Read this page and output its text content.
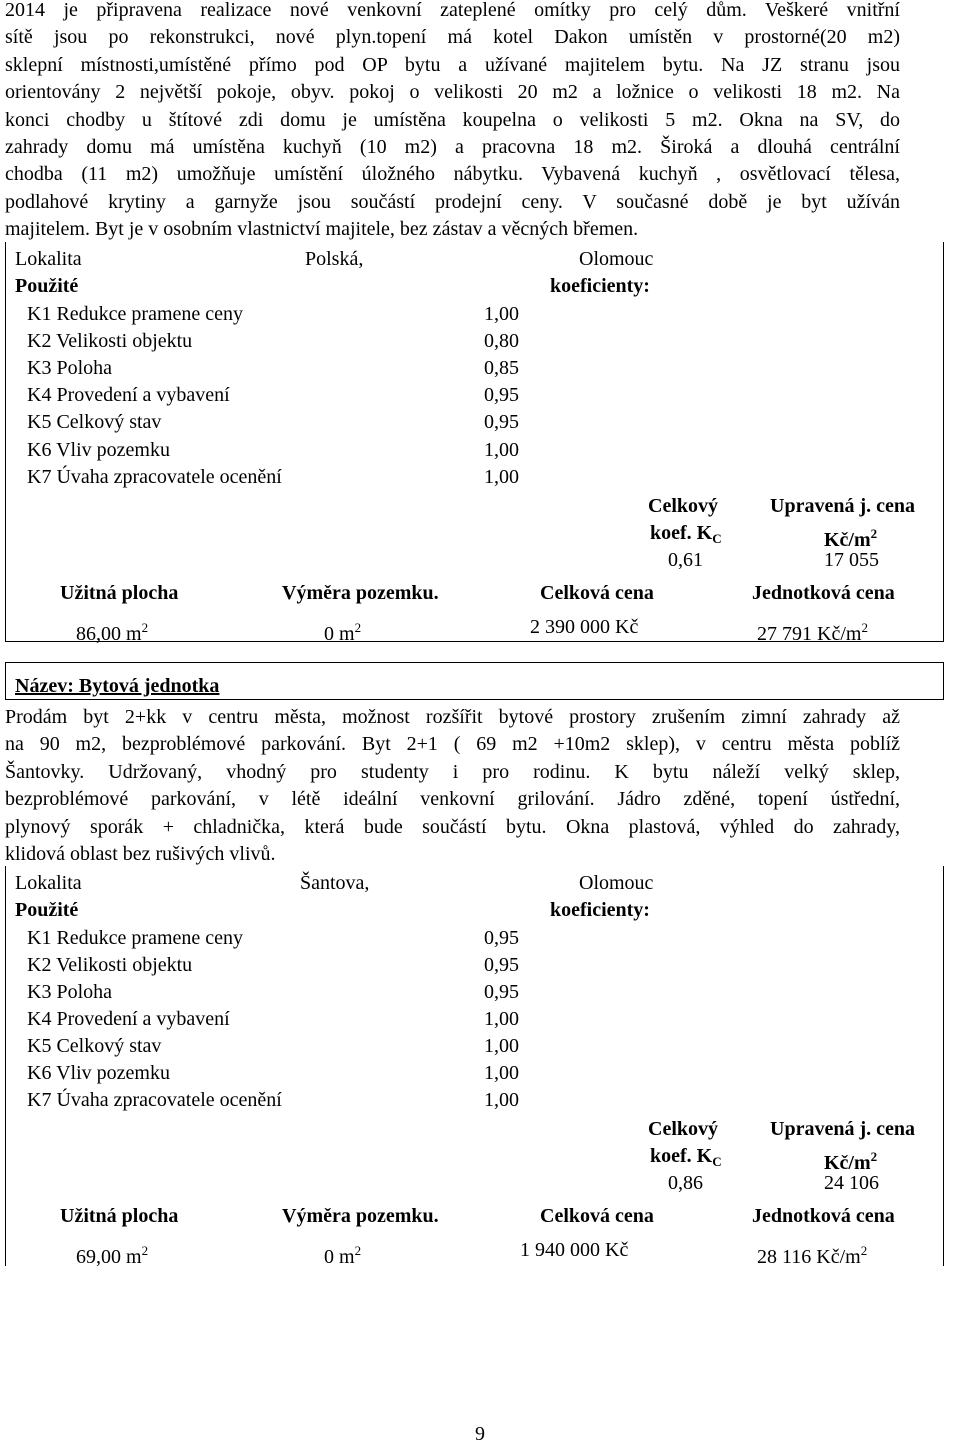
2014 je připravena realizace nové venkovní zateplené omítky pro celý dům. Veškeré vnitřní
sítě jsou po rekonstrukci, nové plyn.topení má kotel Dakon umístěn v prostorné(20 m2)
sklepní místnosti,umístěné přímo pod OP bytu a užívané majitelem bytu. Na JZ stranu jsou
orientovány 2 největší pokoje, obyv. pokoj o velikosti 20 m2 a ložnice o velikosti 18 m2. Na
konci chodby u štítové zdi domu je umístěna koupelna o velikosti 5 m2. Okna na SV, do
zahrady domu má umístěna kuchyň (10 m2) a pracovna 18 m2. Široká a dlouhá centrální
chodba (11 m2) umožňuje umístění úložného nábytku. Vybavená kuchyň , osvětlovací tělesa,
podlahové krytiny a garnyže jsou součástí prodejní ceny. V současné době je byt užíván
majitelem. Byt je v osobním vlastnictví majitele, bez zástav a věcných břemen.
Lokalita	Polská,	Olomouc
Použité	koeficienty:
K1 Redukce pramene ceny	1,00
K2 Velikosti objektu	0,80
K3 Poloha	0,85
K4 Provedení a vybavení	0,95
K5 Celkový stav	0,95
K6 Vliv pozemku	1,00
K7 Úvaha zpracovatele ocenění	1,00
Celkový	Upravená j. cena
koef. $K_C$	$Kč/m^2$
0,61	17 055
Užitná plocha	Výměra pozemku.	Celková cena	Jednotková cena
86,00 $m^2$	0 $m^2$	2 390 000 Kč	27 791 $Kč/m^2$
Název: Bytová jednotka
Prodám byt 2+kk v centru města, možnost rozšířit bytové prostory zrušením zimní zahrady až
na 90 m2, bezproblémové parkování. Byt 2+1 ( 69 m2 +10m2 sklep), v centru města poblíž
Šantovky. Udržovaný, vhodný pro studenty i pro rodinu. K bytu náleží velký sklep,
bezproblémové parkování, v létě ideální venkovní grilování. Jádro zděné, topení ústřední,
plynový sporák + chladnička, která bude součástí bytu. Okna plastová, výhled do zahrady,
klidová oblast bez rušivých vlivů.
Lokalita	Šantova,	Olomouc
Použité	koeficienty:
K1 Redukce pramene ceny	0,95
K2 Velikosti objektu	0,95
K3 Poloha	0,95
K4 Provedení a vybavení	1,00
K5 Celkový stav	1,00
K6 Vliv pozemku	1,00
K7 Úvaha zpracovatele ocenění	1,00
Celkový	Upravená j. cena
koef. $K_C$	$Kč/m^2$
0,86	24 106
Užitná plocha	Výměra pozemku.	Celková cena	Jednotková cena
69,00 $m^2$	0 $m^2$	1 940 000 Kč	28 116 $Kč/m^2$
9
